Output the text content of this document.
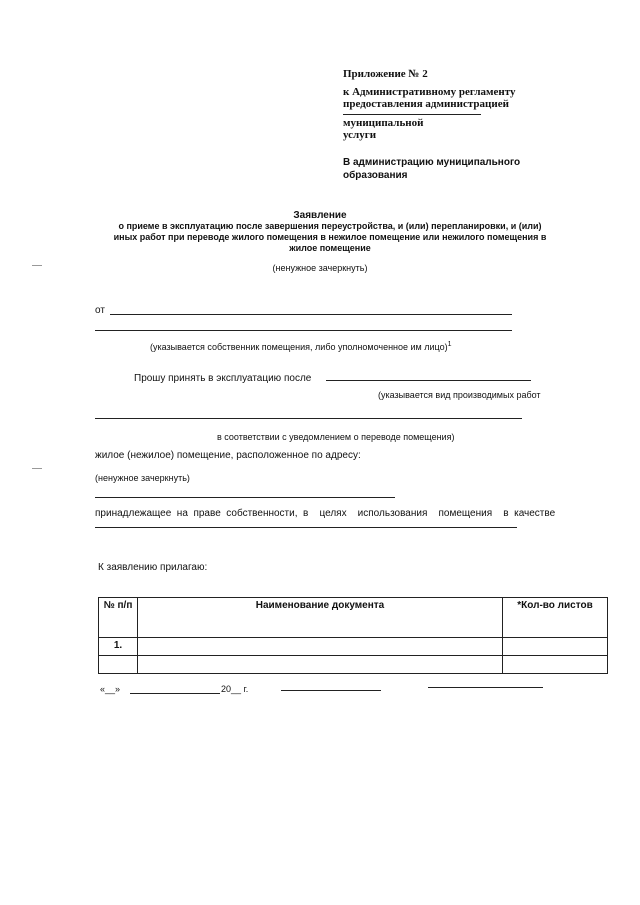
Приложение № 2
к Административному регламенту
предоставления администрацией
муниципальной
услуги
В администрацию муниципального
образования
Заявление
о приеме в эксплуатацию после завершения переустройства, и (или) перепланировки, и (или)
иных работ при переводе жилого помещения в нежилое помещение или нежилого помещения в
жилое помещение
(ненужное зачеркнуть)
от
(указывается собственник помещения, либо уполномоченное им лицо)$^1$
Прошу принять в эксплуатацию после
(указывается вид производимых работ
в соответствии с уведомлением о переводе помещения)
жилое (нежилое) помещение, расположенное по адресу:
(ненужное зачеркнуть)
принадлежащее  на  праве  собственности,  в    целях    использования    помещения    в  качестве
К заявлению прилагаю:
№ п/п	Наименование документа	*Кол-во листов
1.		

«__»	20__ г.
